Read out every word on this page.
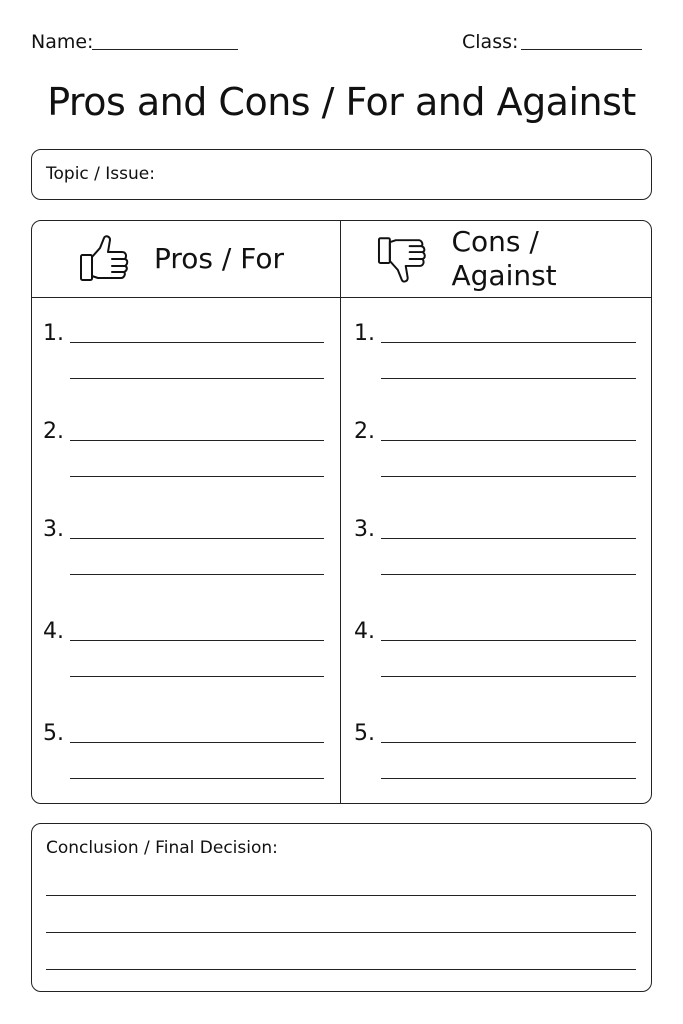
Name:	Class:
Pros and Cons / For and Against
Topic / Issue:
Pros / For
Cons / Against
1.
2.
3.
4.
5.
1.
2.
3.
4.
5.
Conclusion / Final Decision:
